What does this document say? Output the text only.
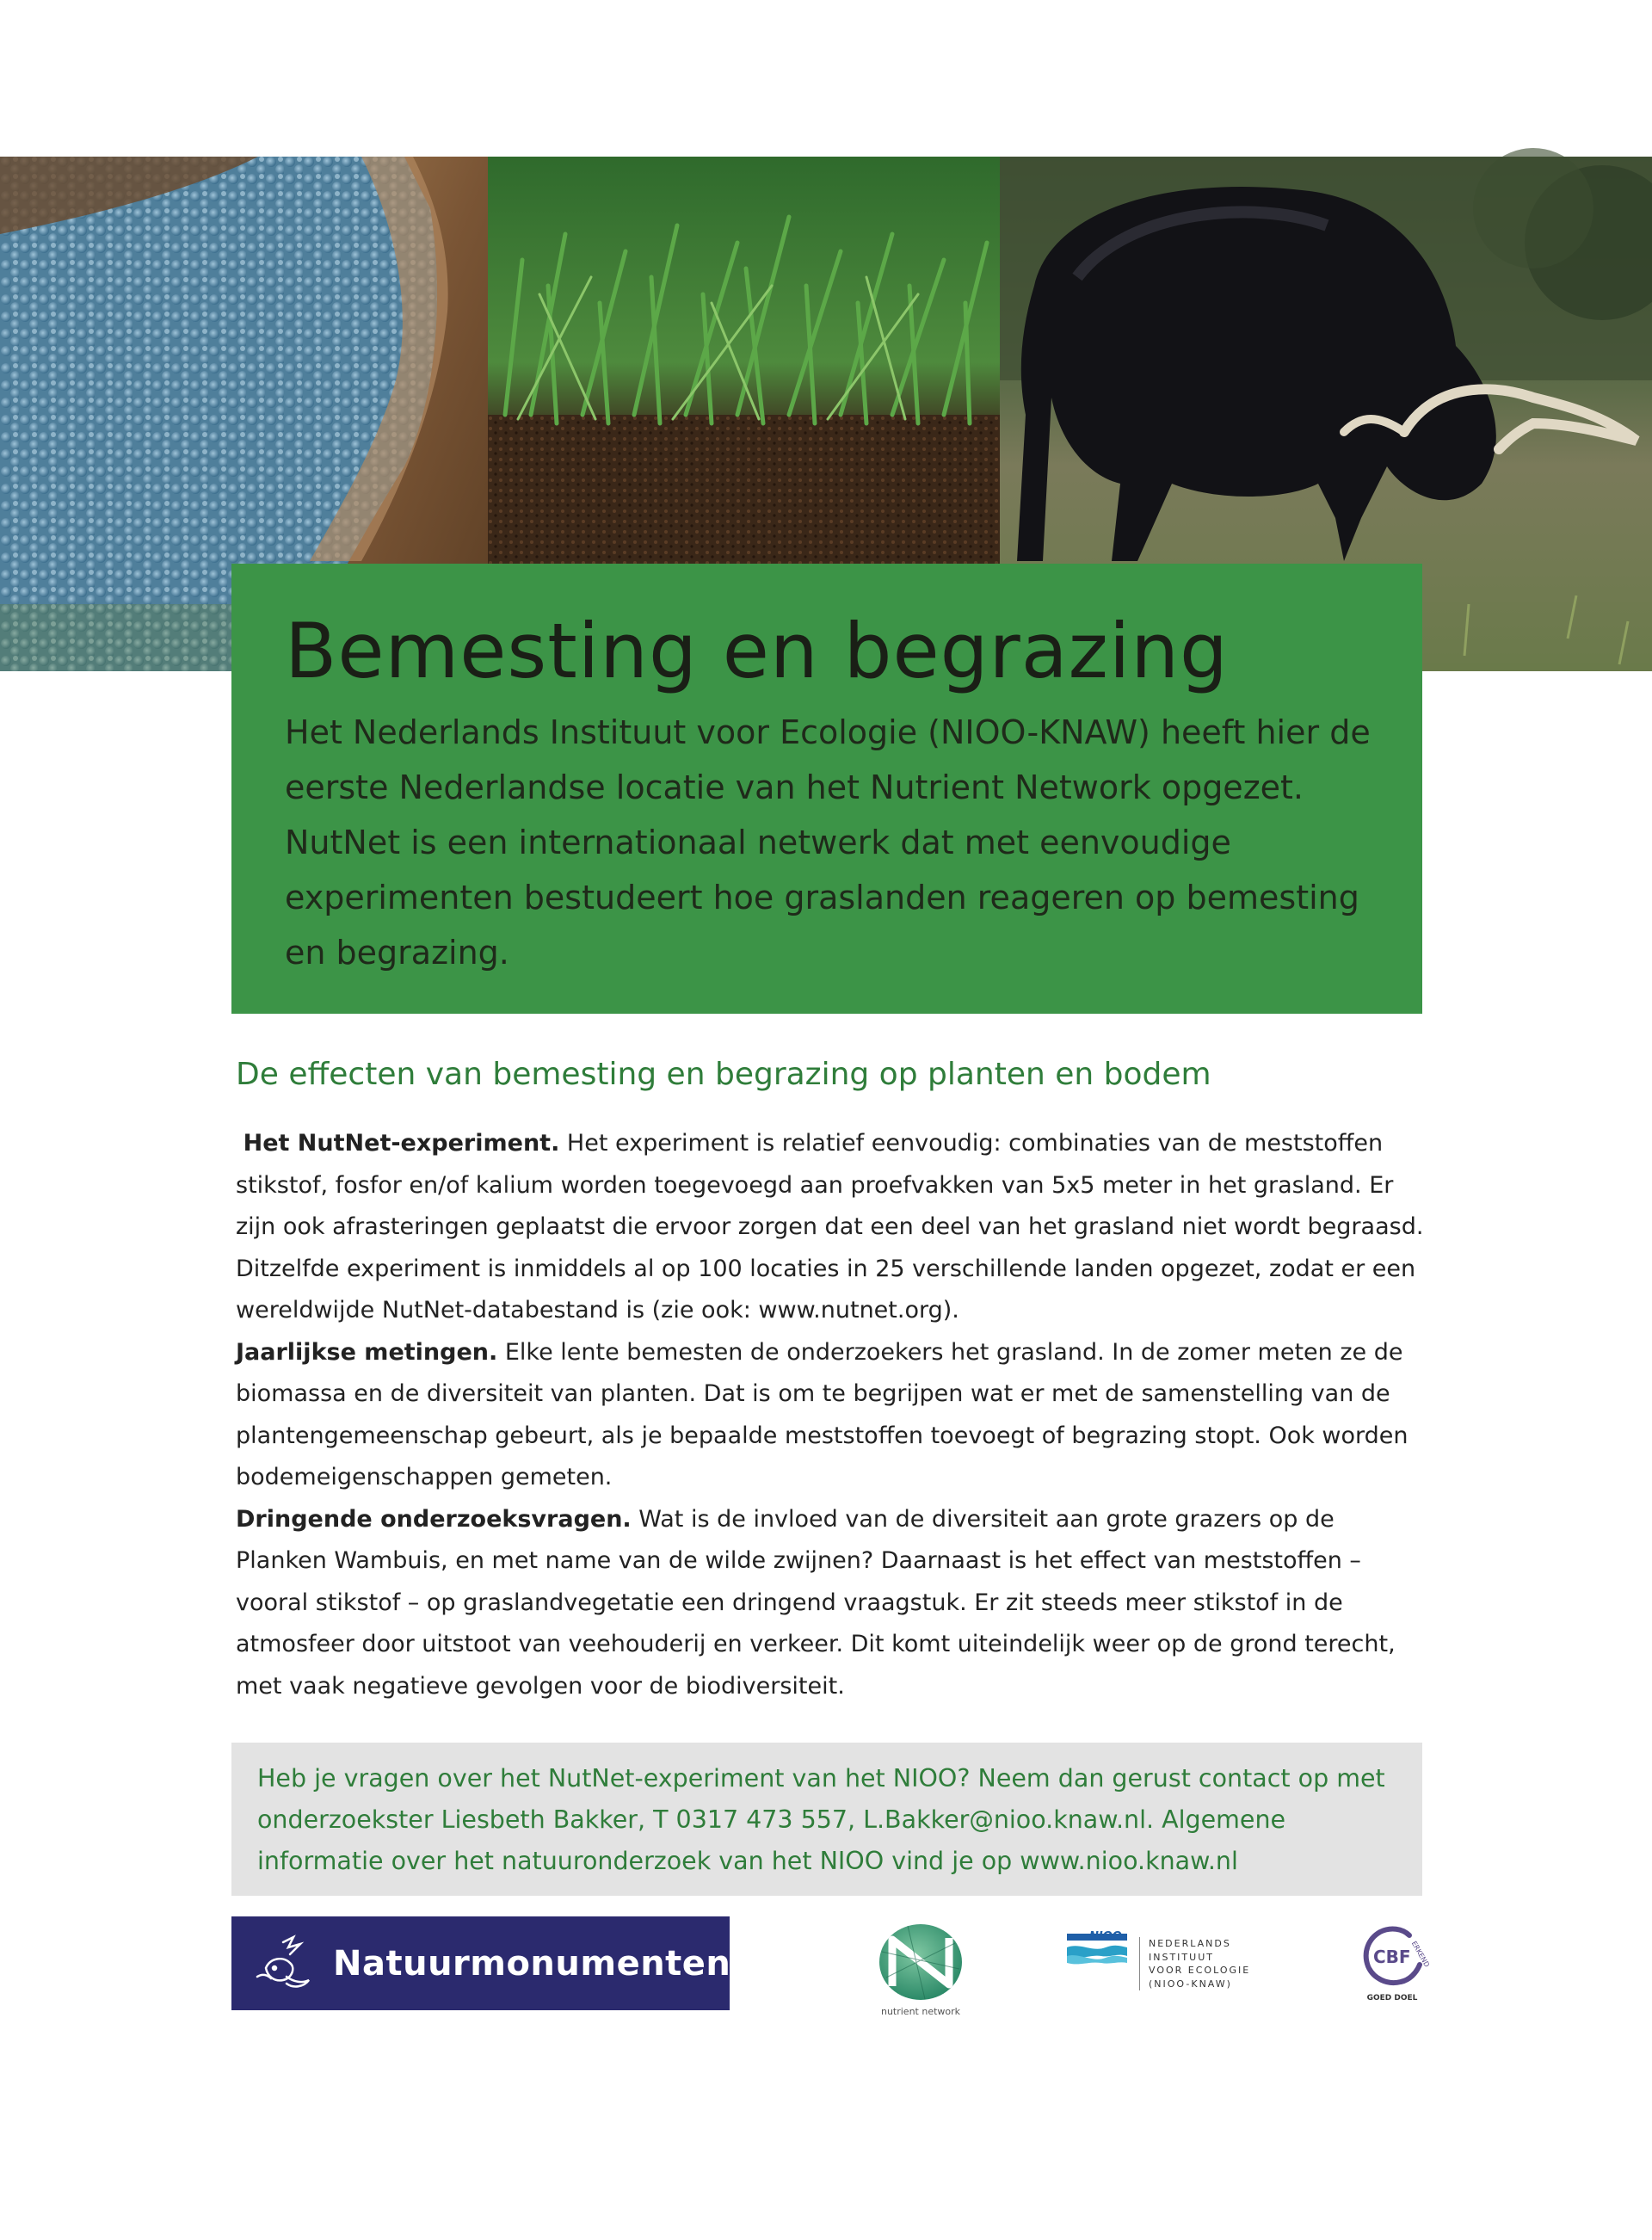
Bemesting en begrazing

Het Nederlands Instituut voor Ecologie (NIOO-KNAW) heeft hier de eerste Nederlandse locatie van het Nutrient Network opgezet. NutNet is een internationaal netwerk dat met eenvoudige experimenten bestudeert hoe graslanden reageren op bemesting en begrazing.

De effecten van bemesting en begrazing op planten en bodem

Het NutNet-experiment. Het experiment is relatief eenvoudig: combinaties van de meststoffen stikstof, fosfor en/of kalium worden toegevoegd aan proefvakken van 5x5 meter in het grasland. Er zijn ook afrasteringen geplaatst die ervoor zorgen dat een deel van het grasland niet wordt begraasd. Ditzelfde experiment is inmiddels al op 100 locaties in 25 verschillende landen opgezet, zodat er een wereldwijde NutNet-databestand is (zie ook: www.nutnet.org).

Jaarlijkse metingen. Elke lente bemesten de onderzoekers het grasland. In de zomer meten ze de biomassa en de diversiteit van planten. Dat is om te begrijpen wat er met de samenstelling van de plantengemeenschap gebeurt, als je bepaalde meststoffen toevoegt of begrazing stopt. Ook worden bodemeigenschappen gemeten.

Dringende onderzoeksvragen. Wat is de invloed van de diversiteit aan grote grazers op de Planken Wambuis, en met name van de wilde zwijnen? Daarnaast is het effect van meststoffen – vooral stikstof – op graslandvegetatie een dringend vraagstuk. Er zit steeds meer stikstof in de atmosfeer door uitstoot van veehouderij en verkeer. Dit komt uiteindelijk weer op de grond terecht, met vaak negatieve gevolgen voor de biodiversiteit.

Heb je vragen over het NutNet-experiment van het NIOO? Neem dan gerust contact op met onderzoekster Liesbeth Bakker, T 0317 473 557, L.Bakker@nioo.knaw.nl. Algemene informatie over het natuuronderzoek van het NIOO vind je op www.nioo.knaw.nl
Natuurmonumenten
nutrient network
NIOO
NEDERLANDS
INSTITUUT
VOOR ECOLOGIE
(NIOO-KNAW)
CBF ERKEND
GOED DOEL
